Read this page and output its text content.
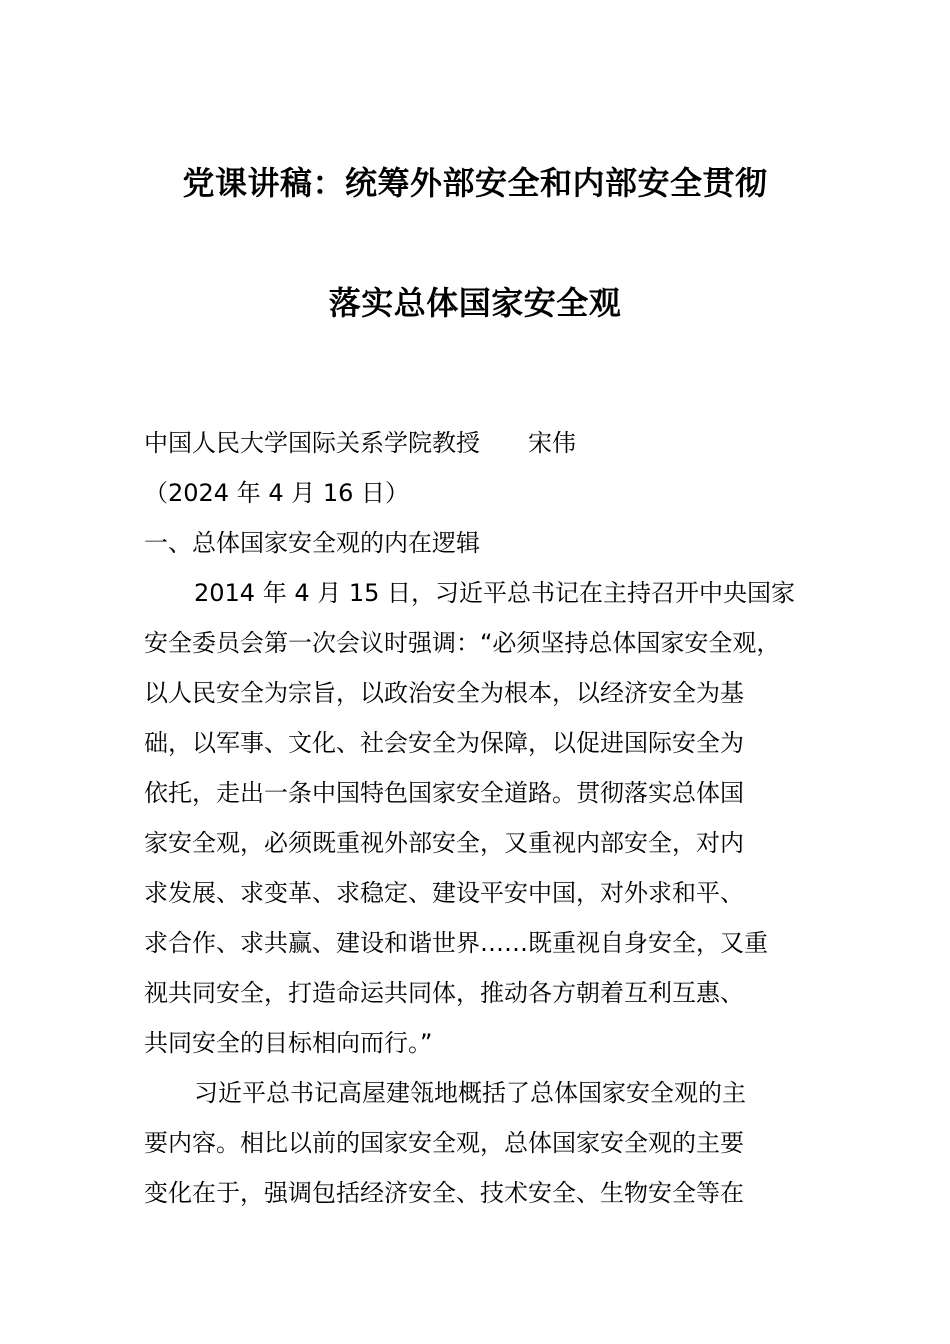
党课讲稿：统筹外部安全和内部安全贯彻
落实总体国家安全观
中国人民大学国际关系学院教授 宋伟
（2024 年 4 月 16 日）
一、总体国家安全观的内在逻辑
2014 年 4 月 15 日，习近平总书记在主持召开中央国家
安全委员会第一次会议时强调：“必须坚持总体国家安全观，
以人民安全为宗旨，以政治安全为根本，以经济安全为基
础，以军事、文化、社会安全为保障，以促进国际安全为
依托，走出一条中国特色国家安全道路。贯彻落实总体国
家安全观，必须既重视外部安全，又重视内部安全，对内
求发展、求变革、求稳定、建设平安中国，对外求和平、
求合作、求共赢、建设和谐世界……既重视自身安全，又重
视共同安全，打造命运共同体，推动各方朝着互利互惠、
共同安全的目标相向而行。”
习近平总书记高屋建瓴地概括了总体国家安全观的主
要内容。相比以前的国家安全观，总体国家安全观的主要
变化在于，强调包括经济安全、技术安全、生物安全等在
